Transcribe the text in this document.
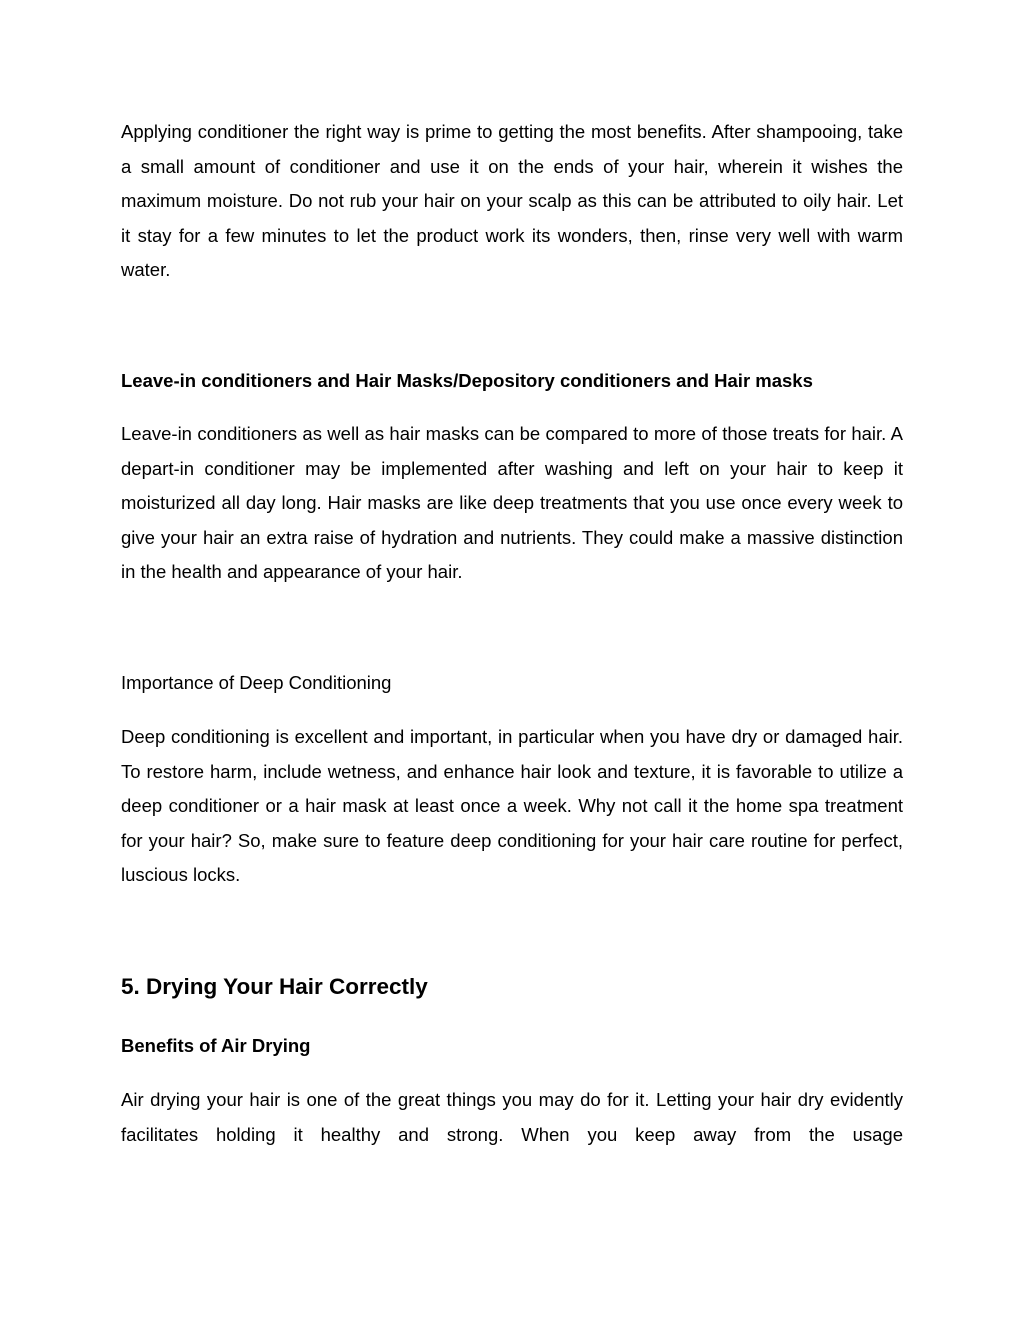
Applying conditioner the right way is prime to getting the most benefits. After shampooing, take a small amount of conditioner and use it on the ends of your hair, wherein it wishes the maximum moisture. Do not rub your hair on your scalp as this can be attributed to oily hair. Let it stay for a few minutes to let the product work its wonders, then, rinse very well with warm water.

Leave-in conditioners and Hair Masks/Depository conditioners and Hair masks

Leave-in conditioners as well as hair masks can be compared to more of those treats for hair. A depart-in conditioner may be implemented after washing and left on your hair to keep it moisturized all day long. Hair masks are like deep treatments that you use once every week to give your hair an extra raise of hydration and nutrients. They could make a massive distinction in the health and appearance of your hair.

Importance of Deep Conditioning

Deep conditioning is excellent and important, in particular when you have dry or damaged hair. To restore harm, include wetness, and enhance hair look and texture, it is favorable to utilize a deep conditioner or a hair mask at least once a week. Why not call it the home spa treatment for your hair? So, make sure to feature deep conditioning for your hair care routine for perfect, luscious locks.

5. Drying Your Hair Correctly

Benefits of Air Drying

Air drying your hair is one of the great things you may do for it. Letting your hair dry evidently facilitates holding it healthy and strong. When you keep away from the usage
